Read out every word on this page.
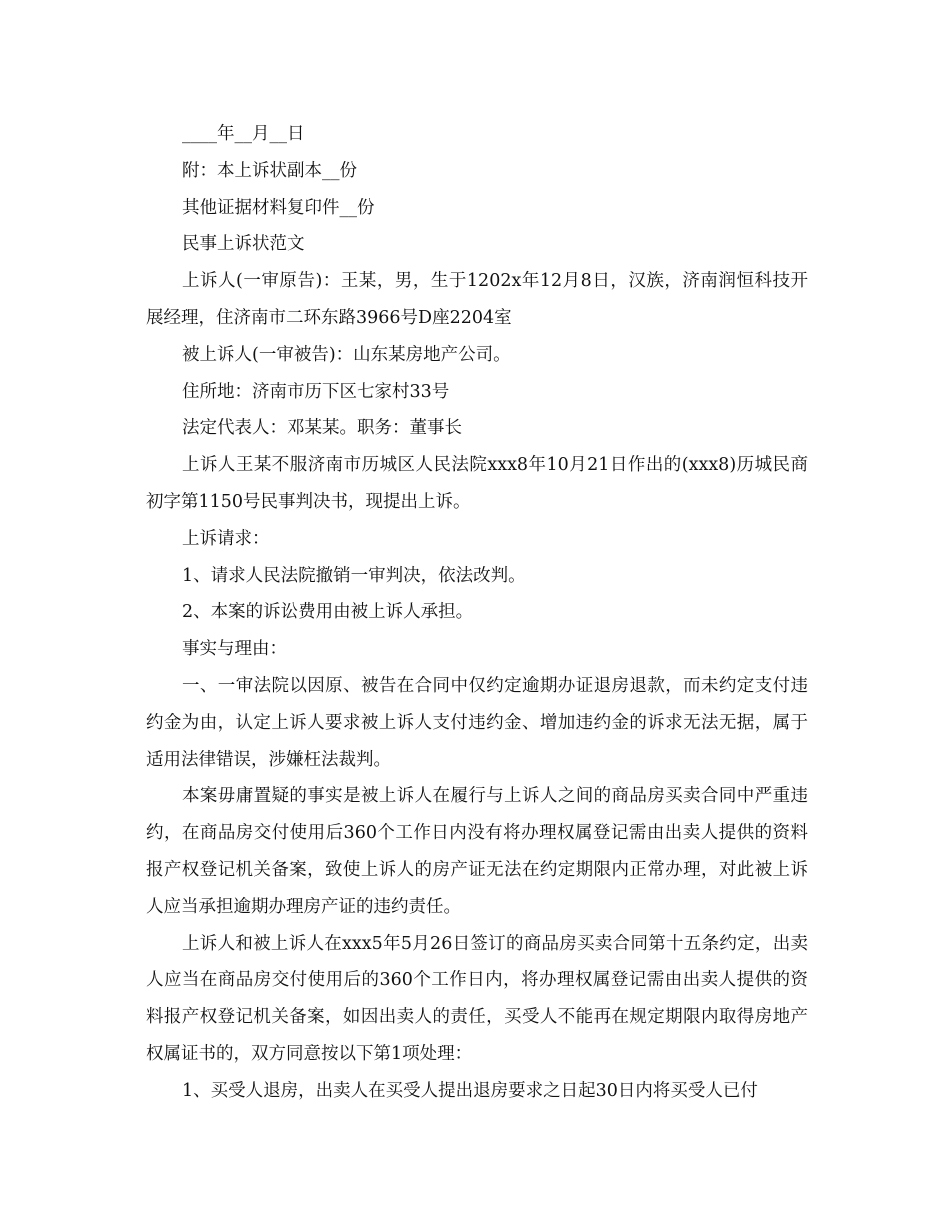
____年__月__日

附：本上诉状副本__份

其他证据材料复印件__份

民事上诉状范文

上诉人(一审原告)：王某，男，生于1202x年12月8日，汉族，济南润恒科技开展经理，住济南市二环东路3966号D座2204室

被上诉人(一审被告)：山东某房地产公司。

住所地：济南市历下区七家村33号

法定代表人：邓某某。职务：董事长

上诉人王某不服济南市历城区人民法院xxx8年10月21日作出的(xxx8)历城民商初字第1150号民事判决书，现提出上诉。

上诉请求：

1、请求人民法院撤销一审判决，依法改判。

2、本案的诉讼费用由被上诉人承担。

事实与理由：

一、一审法院以因原、被告在合同中仅约定逾期办证退房退款，而未约定支付违约金为由，认定上诉人要求被上诉人支付违约金、增加违约金的诉求无法无据，属于适用法律错误，涉嫌枉法裁判。

本案毋庸置疑的事实是被上诉人在履行与上诉人之间的商品房买卖合同中严重违约，在商品房交付使用后360个工作日内没有将办理权属登记需由出卖人提供的资料报产权登记机关备案，致使上诉人的房产证无法在约定期限内正常办理，对此被上诉人应当承担逾期办理房产证的违约责任。

上诉人和被上诉人在xxx5年5月26日签订的商品房买卖合同第十五条约定，出卖人应当在商品房交付使用后的360个工作日内，将办理权属登记需由出卖人提供的资料报产权登记机关备案，如因出卖人的责任，买受人不能再在规定期限内取得房地产权属证书的，双方同意按以下第1项处理：

1、买受人退房，出卖人在买受人提出退房要求之日起30日内将买受人已付
